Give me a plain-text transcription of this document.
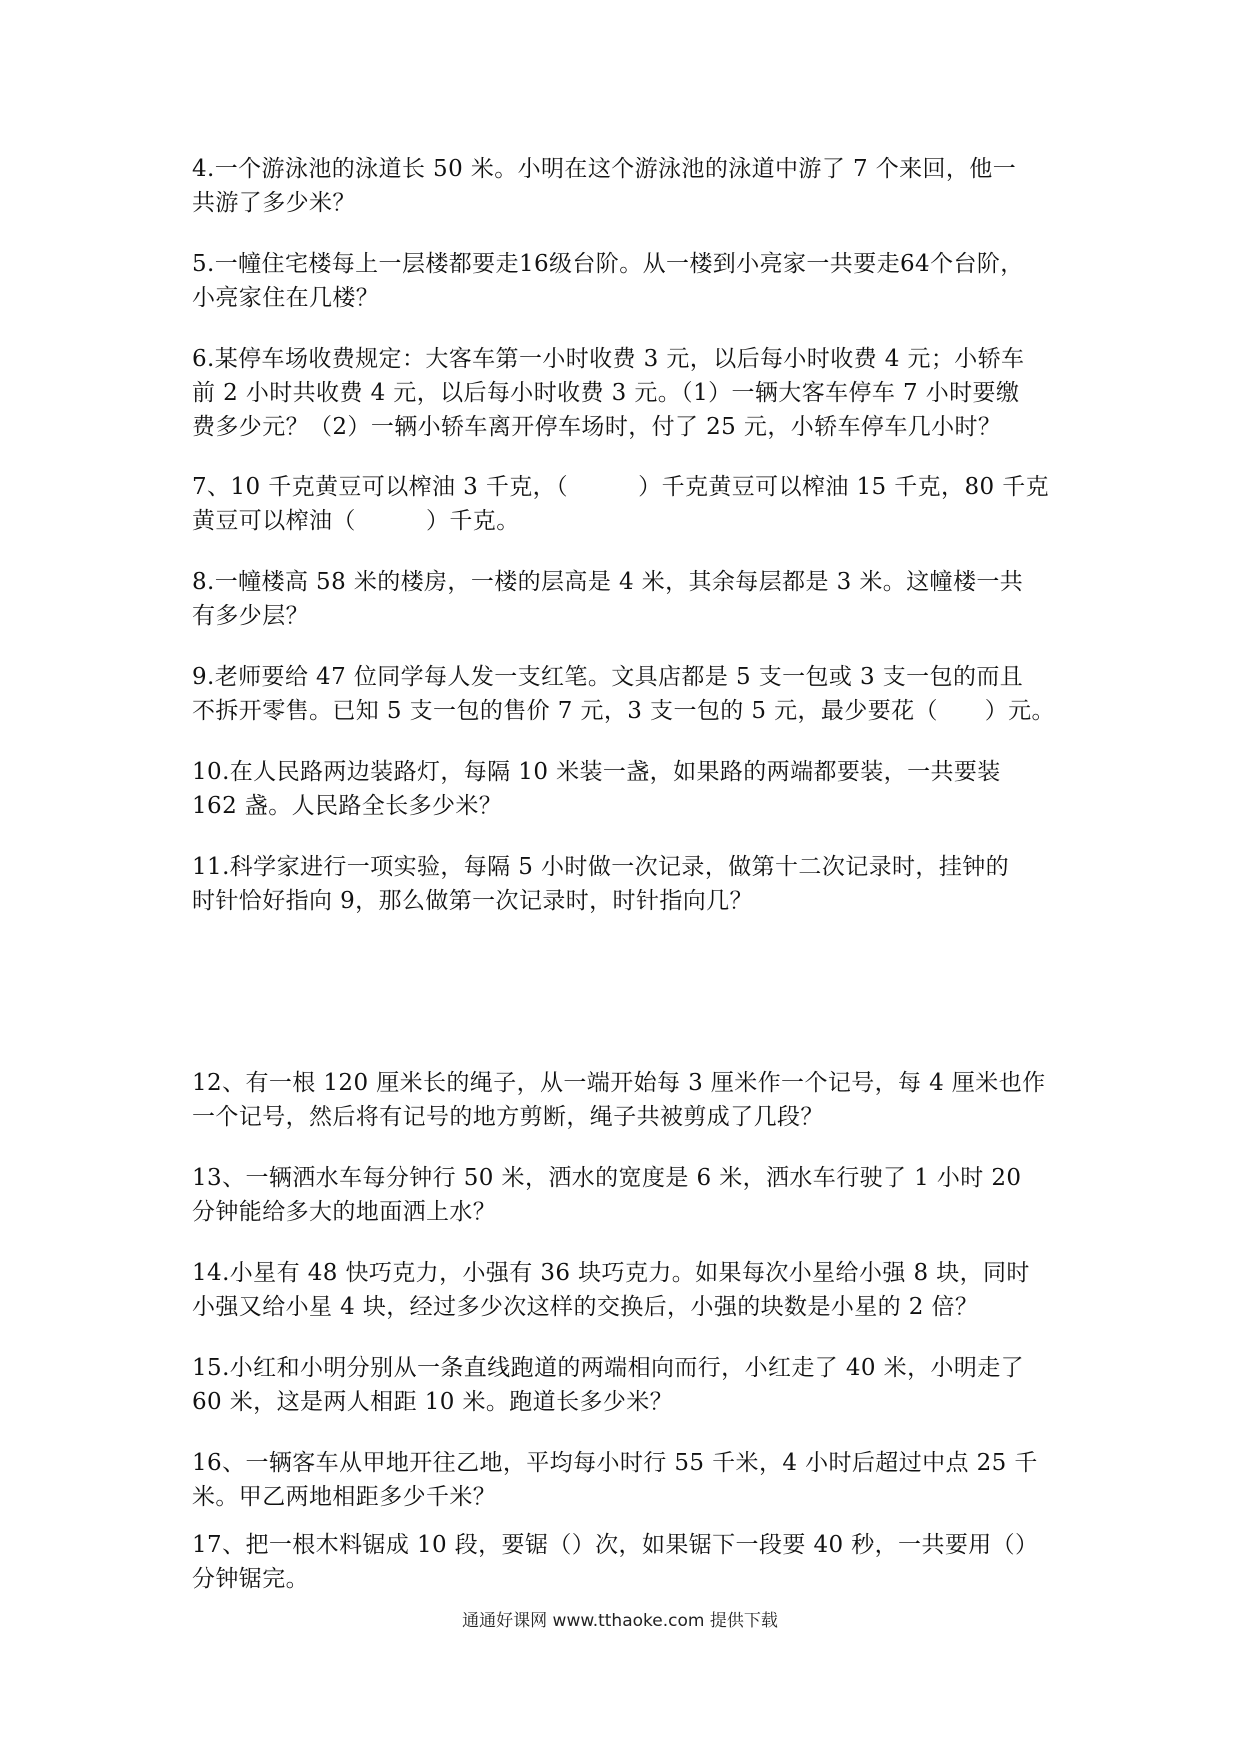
4.一个游泳池的泳道长 50 米。小明在这个游泳池的泳道中游了 7 个来回，他一
共游了多少米？
5.一幢住宅楼每上一层楼都要走16级台阶。从一楼到小亮家一共要走64个台阶，
小亮家住在几楼？
6.某停车场收费规定：大客车第一小时收费 3 元，以后每小时收费 4 元；小轿车
前 2 小时共收费 4 元，以后每小时收费 3 元。（1）一辆大客车停车 7 小时要缴
费多少元？（2）一辆小轿车离开停车场时，付了 25 元，小轿车停车几小时？
7、10 千克黄豆可以榨油 3 千克，（　　　）千克黄豆可以榨油 15 千克，80 千克
黄豆可以榨油（　　　）千克。
8.一幢楼高 58 米的楼房，一楼的层高是 4 米，其余每层都是 3 米。这幢楼一共
有多少层？
9.老师要给 47 位同学每人发一支红笔。文具店都是 5 支一包或 3 支一包的而且
不拆开零售。已知 5 支一包的售价 7 元，3 支一包的 5 元，最少要花（　　）元。
10.在人民路两边装路灯，每隔 10 米装一盏，如果路的两端都要装，一共要装
162 盏。人民路全长多少米？
11.科学家进行一项实验，每隔 5 小时做一次记录，做第十二次记录时，挂钟的
时针恰好指向 9，那么做第一次记录时，时针指向几？
12、有一根 120 厘米长的绳子，从一端开始每 3 厘米作一个记号，每 4 厘米也作
一个记号，然后将有记号的地方剪断，绳子共被剪成了几段？
13、一辆洒水车每分钟行 50 米，洒水的宽度是 6 米，洒水车行驶了 1 小时 20
分钟能给多大的地面洒上水？
14.小星有 48 快巧克力，小强有 36 块巧克力。如果每次小星给小强 8 块，同时
小强又给小星 4 块，经过多少次这样的交换后，小强的块数是小星的 2 倍？
15.小红和小明分别从一条直线跑道的两端相向而行，小红走了 40 米，小明走了
60 米，这是两人相距 10 米。跑道长多少米？
16、一辆客车从甲地开往乙地，平均每小时行 55 千米，4 小时后超过中点 25 千
米。甲乙两地相距多少千米？
17、把一根木料锯成 10 段，要锯（）次，如果锯下一段要 40 秒，一共要用（）
分钟锯完。
通通好课网 www.tthaoke.com 提供下载
